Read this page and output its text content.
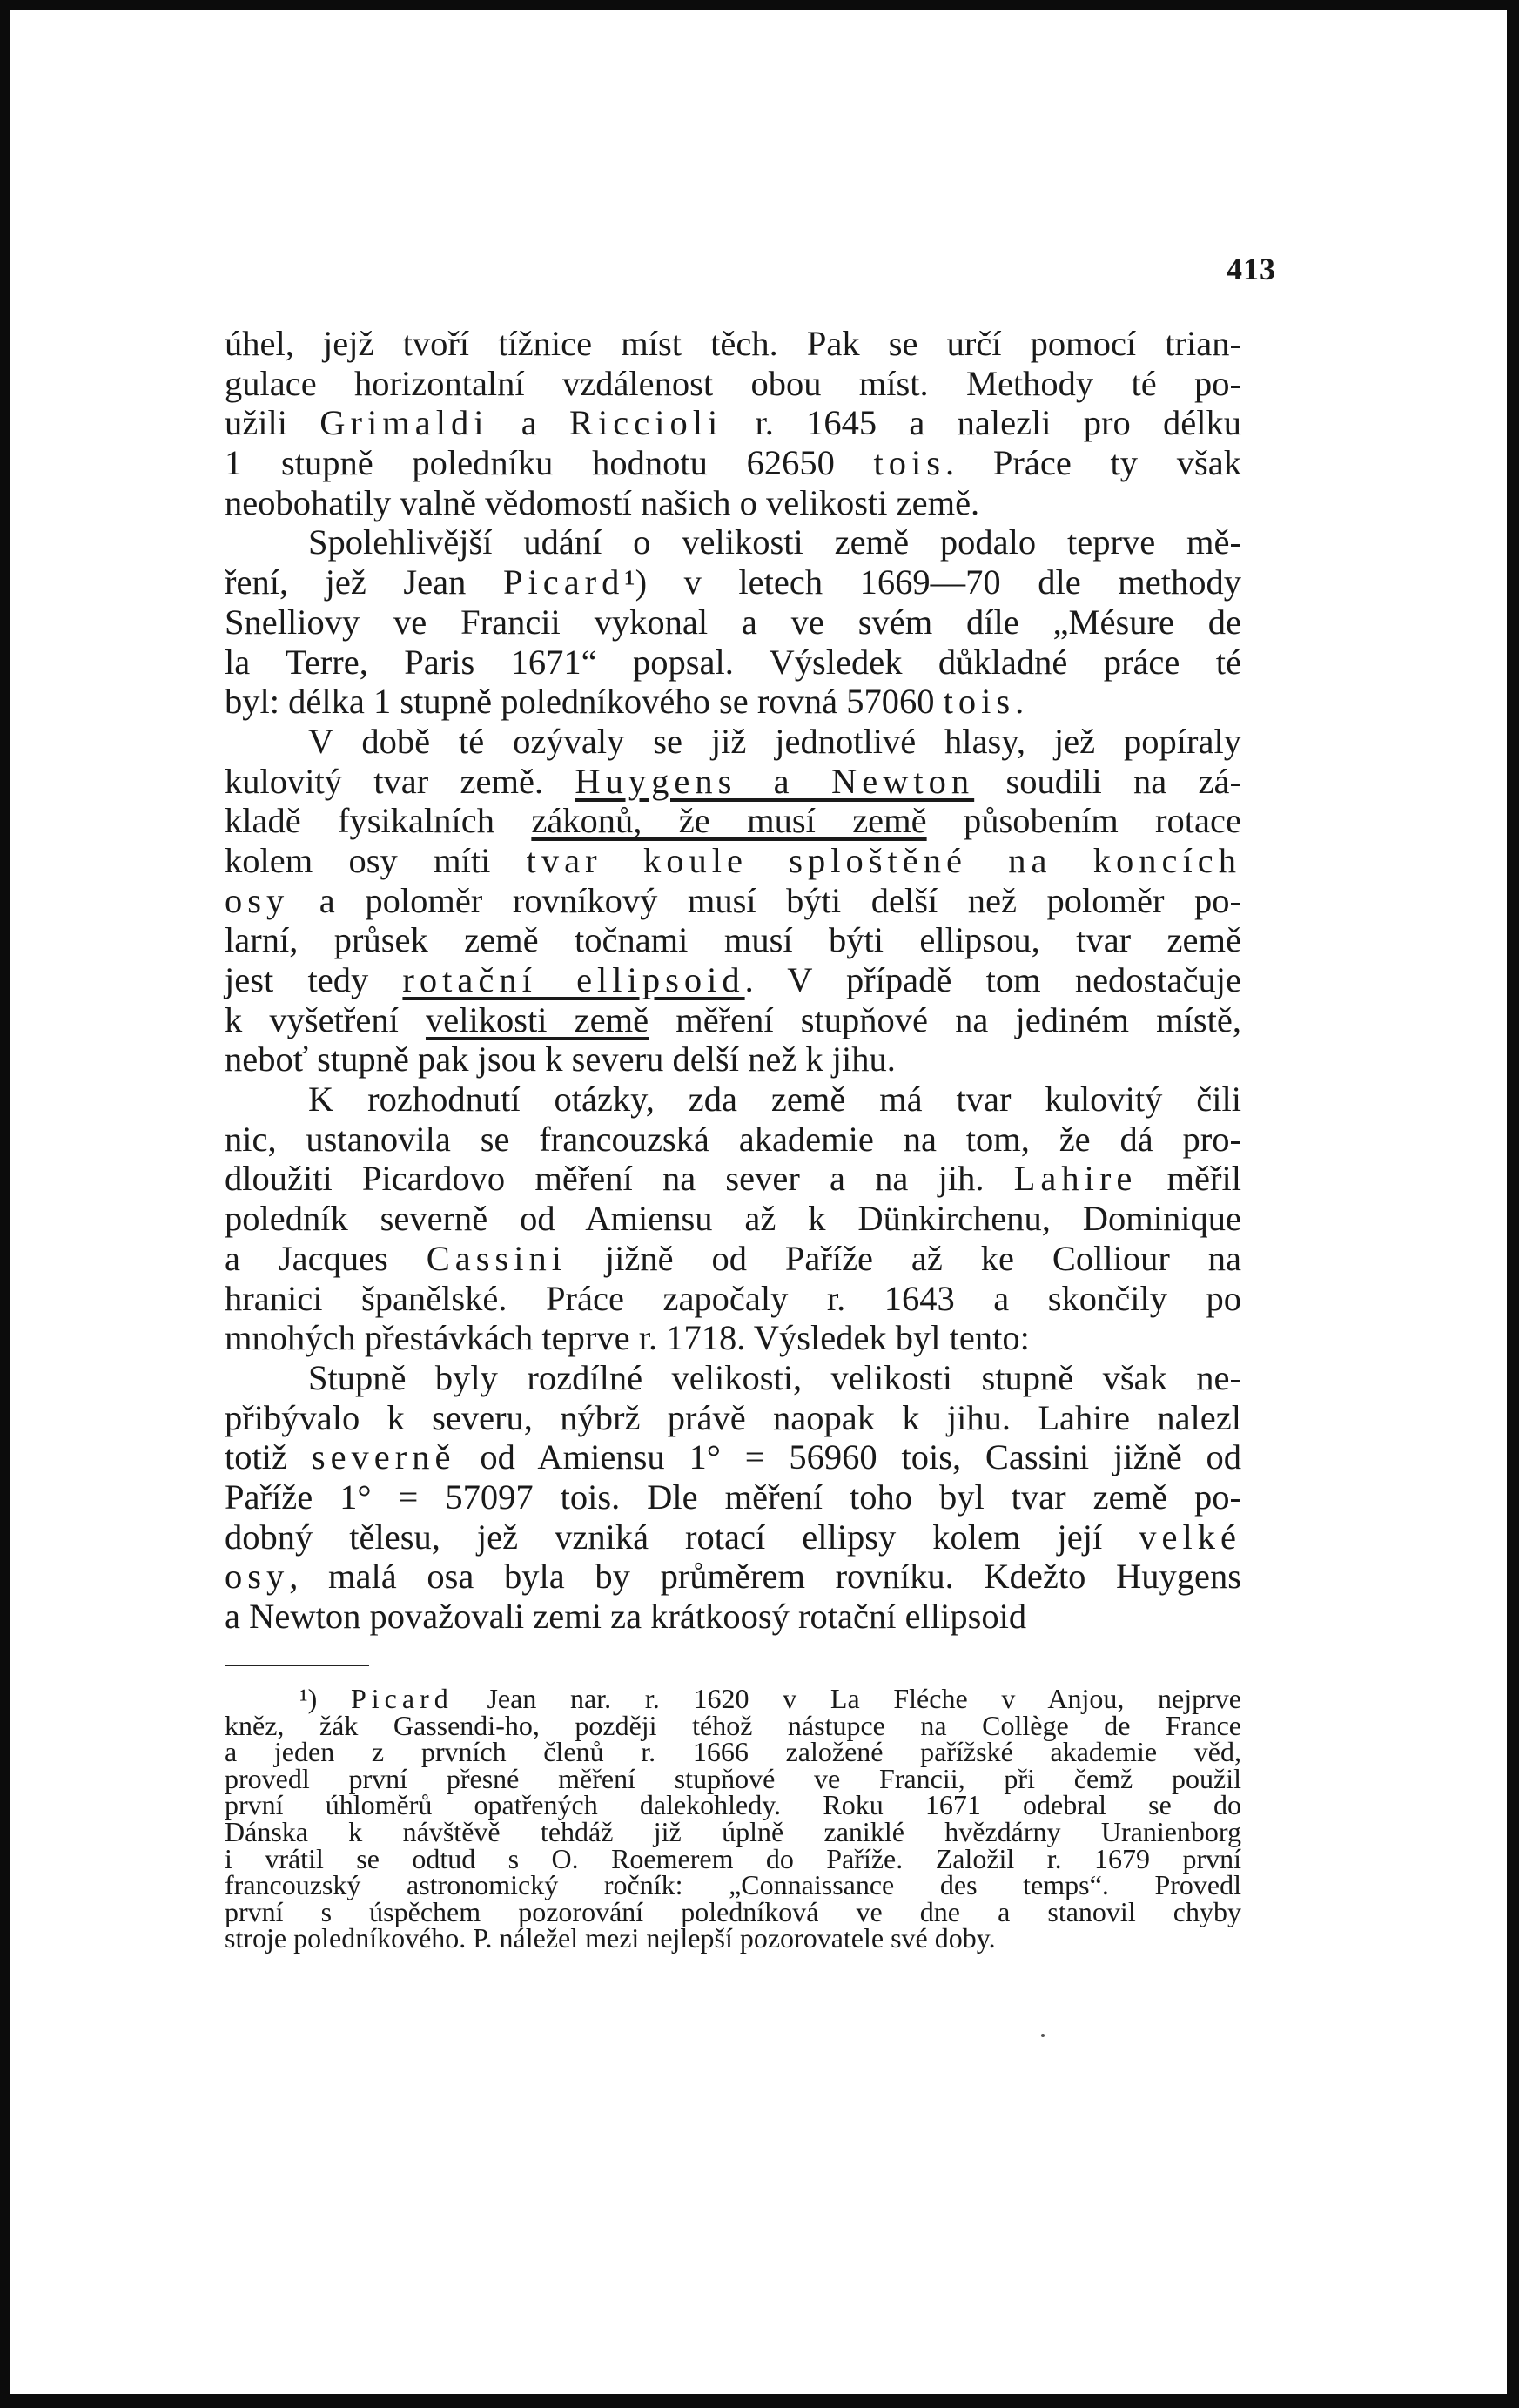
413
úhel, jejž tvoří tížnice míst těch. Pak se určí pomocí trian-
gulace horizontalní vzdálenost obou míst. Methody té po-
užili Grimaldi a Riccioli r. 1645 a nalezli pro délku
1 stupně poledníku hodnotu 62650 tois. Práce ty však
neobohatily valně vědomostí našich o velikosti země.
Spolehlivější udání o velikosti země podalo teprve mě-
ření, jež Jean Picard¹) v letech 1669—70 dle methody
Snelliovy ve Francii vykonal a ve svém díle „Mésure de
la Terre, Paris 1671“ popsal. Výsledek důkladné práce té
byl: délka 1 stupně poledníkového se rovná 57060 tois.
V době té ozývaly se již jednotlivé hlasy, jež popíraly
kulovitý tvar země. Huygens a Newton soudili na zá-
kladě fysikalních zákonů, že musí země působením rotace
kolem osy míti tvar koule sploštěné na koncích
osy a poloměr rovníkový musí býti delší než poloměr po-
larní, průsek země točnami musí býti ellipsou, tvar země
jest tedy rotační ellipsoid. V případě tom nedostačuje
k vyšetření velikosti země měření stupňové na jediném místě,
neboť stupně pak jsou k severu delší než k jihu.
K rozhodnutí otázky, zda země má tvar kulovitý čili
nic, ustanovila se francouzská akademie na tom, že dá pro-
dloužiti Picardovo měření na sever a na jih. Lahire měřil
poledník severně od Amiensu až k Dünkirchenu, Dominique
a Jacques Cassini jižně od Paříže až ke Colliour na
hranici španělské. Práce započaly r. 1643 a skončily po
mnohých přestávkách teprve r. 1718. Výsledek byl tento:
Stupně byly rozdílné velikosti, velikosti stupně však ne-
přibývalo k severu, nýbrž právě naopak k jihu. Lahire nalezl
totiž severně od Amiensu 1° = 56960 tois, Cassini jižně od
Paříže 1° = 57097 tois. Dle měření toho byl tvar země po-
dobný tělesu, jež vzniká rotací ellipsy kolem její velké
osy, malá osa byla by průměrem rovníku. Kdežto Huygens
a Newton považovali zemi za krátkoosý rotační ellipsoid
¹) Picard Jean nar. r. 1620 v La Fléche v Anjou, nejprve
kněz, žák Gassendi-ho, později téhož nástupce na Collège de France
a jeden z prvních členů r. 1666 založené pařížské akademie věd,
provedl první přesné měření stupňové ve Francii, při čemž použil
první úhloměrů opatřených dalekohledy. Roku 1671 odebral se do
Dánska k návštěvě tehdáž již úplně zaniklé hvězdárny Uranienborg
i vrátil se odtud s O. Roemerem do Paříže. Založil r. 1679 první
francouzský astronomický ročník: „Connaissance des temps“. Provedl
první s úspěchem pozorování poledníková ve dne a stanovil chyby
stroje poledníkového. P. náležel mezi nejlepší pozorovatele své doby.
